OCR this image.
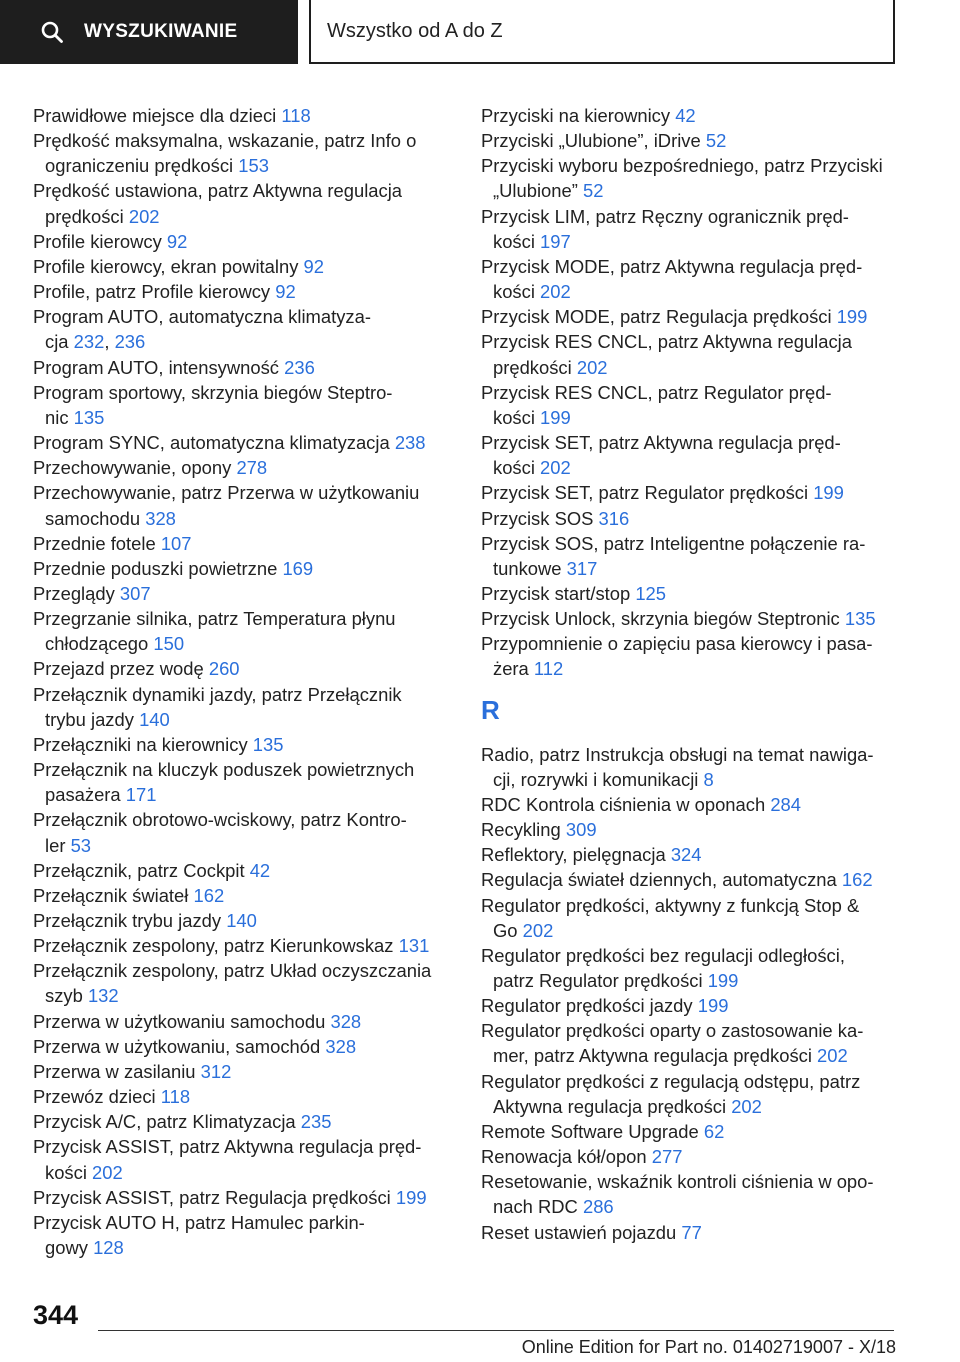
WYSZUKIWANIE	Wszystko od A do Z
Prawidłowe miejsce dla dzieci 118
Prędkość maksymalna, wskazanie, patrz Info o
ograniczeniu prędkości 153
Prędkość ustawiona, patrz Aktywna regulacja
prędkości 202
Profile kierowcy 92
Profile kierowcy, ekran powitalny 92
Profile, patrz Profile kierowcy 92
Program AUTO, automatyczna klimatyza-
cja 232, 236
Program AUTO, intensywność 236
Program sportowy, skrzynia biegów Steptro-
nic 135
Program SYNC, automatyczna klimatyzacja 238
Przechowywanie, opony 278
Przechowywanie, patrz Przerwa w użytkowaniu
samochodu 328
Przednie fotele 107
Przednie poduszki powietrzne 169
Przeglądy 307
Przegrzanie silnika, patrz Temperatura płynu
chłodzącego 150
Przejazd przez wodę 260
Przełącznik dynamiki jazdy, patrz Przełącznik
trybu jazdy 140
Przełączniki na kierownicy 135
Przełącznik na kluczyk poduszek powietrznych
pasażera 171
Przełącznik obrotowo-wciskowy, patrz Kontro-
ler 53
Przełącznik, patrz Cockpit 42
Przełącznik świateł 162
Przełącznik trybu jazdy 140
Przełącznik zespolony, patrz Kierunkowskaz 131
Przełącznik zespolony, patrz Układ oczyszczania
szyb 132
Przerwa w użytkowaniu samochodu 328
Przerwa w użytkowaniu, samochód 328
Przerwa w zasilaniu 312
Przewóz dzieci 118
Przycisk A/C, patrz Klimatyzacja 235
Przycisk ASSIST, patrz Aktywna regulacja pręd-
kości 202
Przycisk ASSIST, patrz Regulacja prędkości 199
Przycisk AUTO H, patrz Hamulec parkin-
gowy 128
Przyciski na kierownicy 42
Przyciski „Ulubione”, iDrive 52
Przyciski wyboru bezpośredniego, patrz Przyciski
„Ulubione” 52
Przycisk LIM, patrz Ręczny ogranicznik pręd-
kości 197
Przycisk MODE, patrz Aktywna regulacja pręd-
kości 202
Przycisk MODE, patrz Regulacja prędkości 199
Przycisk RES CNCL, patrz Aktywna regulacja
prędkości 202
Przycisk RES CNCL, patrz Regulator pręd-
kości 199
Przycisk SET, patrz Aktywna regulacja pręd-
kości 202
Przycisk SET, patrz Regulator prędkości 199
Przycisk SOS 316
Przycisk SOS, patrz Inteligentne połączenie ra-
tunkowe 317
Przycisk start/stop 125
Przycisk Unlock, skrzynia biegów Steptronic 135
Przypomnienie o zapięciu pasa kierowcy i pasa-
żera 112
R
Radio, patrz Instrukcja obsługi na temat nawiga-
cji, rozrywki i komunikacji 8
RDC Kontrola ciśnienia w oponach 284
Recykling 309
Reflektory, pielęgnacja 324
Regulacja świateł dziennych, automatyczna 162
Regulator prędkości, aktywny z funkcją Stop &
Go 202
Regulator prędkości bez regulacji odległości,
patrz Regulator prędkości 199
Regulator prędkości jazdy 199
Regulator prędkości oparty o zastosowanie ka-
mer, patrz Aktywna regulacja prędkości 202
Regulator prędkości z regulacją odstępu, patrz
Aktywna regulacja prędkości 202
Remote Software Upgrade 62
Renowacja kół/opon 277
Resetowanie, wskaźnik kontroli ciśnienia w opo-
nach RDC 286
Reset ustawień pojazdu 77
344
Online Edition for Part no. 01402719007 - X/18
